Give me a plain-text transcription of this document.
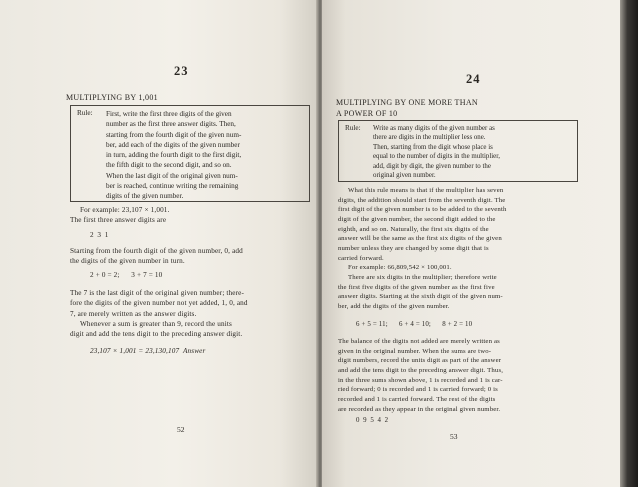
23

MULTIPLYING BY 1,001

Rule: First, write the first three digits of the given
number as the first three answer digits. Then,
starting from the fourth digit of the given num-
ber, add each of the digits of the given number
in turn, adding the fourth digit to the first digit,
the fifth digit to the second digit, and so on.
When the last digit of the original given num-
ber is reached, continue writing the remaining
digits of the given number.
For example: 23,107 × 1,001.
The first three answer digits are

2 3 1

Starting from the fourth digit of the given number, 0, add
the digits of the given number in turn.

2 + 0 = 2;      3 + 7 = 10

The 7 is the last digit of the original given number; there-
fore the digits of the given number not yet added, 1, 0, and
7, are merely written as the answer digits.
Whenever a sum is greater than 9, record the units
digit and add the tens digit to the preceding answer digit.

23,107 × 1,001 = 23,130,107  Answer

52

24

MULTIPLYING BY ONE MORE THAN
A POWER OF 10
Rule: Write as many digits of the given number as
there are digits in the multiplier less one.
Then, starting from the digit whose place is
equal to the number of digits in the multiplier,
add, digit by digit, the given number to the
original given number.
What this rule means is that if the multiplier has seven
digits, the addition should start from the seventh digit. The
first digit of the given number is to be added to the seventh
digit of the given number, the second digit added to the
eighth, and so on. Naturally, the first six digits of the
answer will be the same as the first six digits of the given
number unless they are changed by some digit that is
carried forward.
For example: 66,809,542 × 100,001.
There are six digits in the multiplier; therefore write
the first five digits of the given number as the first five
answer digits. Starting at the sixth digit of the given num-
ber, add the digits of the given number.

6 + 5 = 11;      6 + 4 = 10;      8 + 2 = 10

The balance of the digits not added are merely written as
given in the original number. When the sums are two-
digit numbers, record the units digit as part of the answer
and add the tens digit to the preceding answer digit. Thus,
in the three sums shown above, 1 is recorded and 1 is car-
ried forward; 0 is recorded and 1 is carried forward; 0 is
recorded and 1 is carried forward. The rest of the digits
are recorded as they appear in the original given number.

0 9 5 4 2

53
